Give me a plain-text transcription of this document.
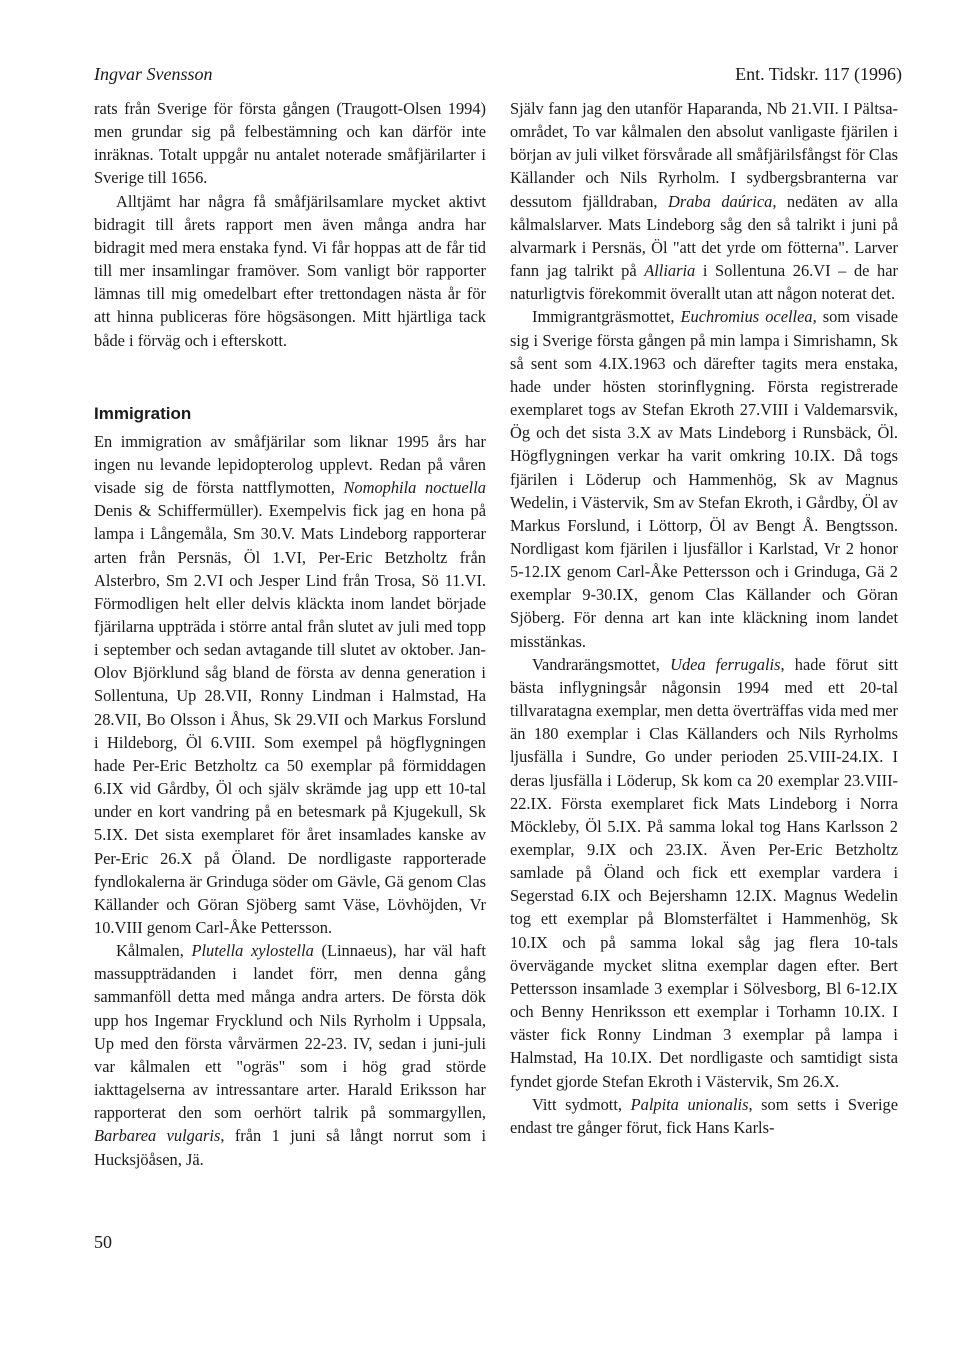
Ingvar Svensson	Ent. Tidskr. 117 (1996)

rats från Sverige för första gången (Traugott-Olsen 1994) men grundar sig på felbestämning och kan därför inte inräknas. Totalt uppgår nu antalet noterade småfjärilarter i Sverige till 1656.

Alltjämt har några få småfjärilsamlare mycket aktivt bidragit till årets rapport men även många andra har bidragit med mera enstaka fynd. Vi får hoppas att de får tid till mer insamlingar framöver. Som vanligt bör rapporter lämnas till mig omedelbart efter trettondagen nästa år för att hinna publiceras före högsäsongen. Mitt hjärtliga tack både i förväg och i efterskott.

Immigration

En immigration av småfjärilar som liknar 1995 års har ingen nu levande lepidopterolog upplevt. Redan på våren visade sig de första nattflymotten, Nomophila noctuella Denis & Schiffermüller). Exempelvis fick jag en hona på lampa i Långemåla, Sm 30.V. Mats Lindeborg rapporterar arten från Persnäs, Öl 1.VI, Per-Eric Betzholtz från Alsterbro, Sm 2.VI och Jesper Lind från Trosa, Sö 11.VI. Förmodligen helt eller delvis kläckta inom landet började fjärilarna uppträda i större antal från slutet av juli med topp i september och sedan avtagande till slutet av oktober. Jan-Olov Björklund såg bland de första av denna generation i Sollentuna, Up 28.VII, Ronny Lindman i Halmstad, Ha 28.VII, Bo Olsson i Åhus, Sk 29.VII och Markus Forslund i Hildeborg, Öl 6.VIII. Som exempel på högflygningen hade Per-Eric Betzholtz ca 50 exemplar på förmiddagen 6.IX vid Gårdby, Öl och själv skrämde jag upp ett 10-tal under en kort vandring på en betesmark på Kjugekull, Sk 5.IX. Det sista exemplaret för året insamlades kanske av Per-Eric 26.X på Öland. De nordligaste rapporterade fyndlokalerna är Grinduga söder om Gävle, Gä genom Clas Källander och Göran Sjöberg samt Väse, Lövhöjden, Vr 10.VIII genom Carl-Åke Pettersson.

Kålmalen, Plutella xylostella (Linnaeus), har väl haft massuppträdanden i landet förr, men denna gång sammanföll detta med många andra arters. De första dök upp hos Ingemar Frycklund och Nils Ryrholm i Uppsala, Up med den första vårvärmen 22-23. IV, sedan i juni-juli var kålmalen ett "ogräs" som i hög grad störde iakttagelserna av intressantare arter. Harald Eriksson har rapporterat den som oerhört talrik på sommargyllen, Barbarea vulgaris, från 1 juni så långt norrut som i Hucksjöåsen, Jä.

Själv fann jag den utanför Haparanda, Nb 21.VII. I Pältsa-området, To var kålmalen den absolut vanligaste fjärilen i början av juli vilket försvårade all småfjärilsfångst för Clas Källander och Nils Ryrholm. I sydbergsbranterna var dessutom fjälldraban, Draba daúrica, nedäten av alla kålmalslarver. Mats Lindeborg såg den så talrikt i juni på alvarmark i Persnäs, Öl "att det yrde om fötterna". Larver fann jag talrikt på Alliaria i Sollentuna 26.VI – de har naturligtvis förekommit överallt utan att någon noterat det.

Immigrantgräsmottet, Euchromius ocellea, som visade sig i Sverige första gången på min lampa i Simrishamn, Sk så sent som 4.IX.1963 och därefter tagits mera enstaka, hade under hösten storinflygning. Första registrerade exemplaret togs av Stefan Ekroth 27.VIII i Valdemarsvik, Ög och det sista 3.X av Mats Lindeborg i Runsbäck, Öl. Högflygningen verkar ha varit omkring 10.IX. Då togs fjärilen i Löderup och Hammenhög, Sk av Magnus Wedelin, i Västervik, Sm av Stefan Ekroth, i Gårdby, Öl av Markus Forslund, i Löttorp, Öl av Bengt Å. Bengtsson. Nordligast kom fjärilen i ljusfällor i Karlstad, Vr 2 honor 5-12.IX genom Carl-Åke Pettersson och i Grinduga, Gä 2 exemplar 9-30.IX, genom Clas Källander och Göran Sjöberg. För denna art kan inte kläckning inom landet misstänkas.

Vandrarängsmottet, Udea ferrugalis, hade förut sitt bästa inflygningsår någonsin 1994 med ett 20-tal tillvaratagna exemplar, men detta överträffas vida med mer än 180 exemplar i Clas Källanders och Nils Ryrholms ljusfälla i Sundre, Go under perioden 25.VIII-24.IX. I deras ljusfälla i Löderup, Sk kom ca 20 exemplar 23.VIII-22.IX. Första exemplaret fick Mats Lindeborg i Norra Möckleby, Öl 5.IX. På samma lokal tog Hans Karlsson 2 exemplar, 9.IX och 23.IX. Även Per-Eric Betzholtz samlade på Öland och fick ett exemplar vardera i Segerstad 6.IX och Bejershamn 12.IX. Magnus Wedelin tog ett exemplar på Blomsterfältet i Hammenhög, Sk 10.IX och på samma lokal såg jag flera 10-tals övervägande mycket slitna exemplar dagen efter. Bert Pettersson insamlade 3 exemplar i Sölvesborg, Bl 6-12.IX och Benny Henriksson ett exemplar i Torhamn 10.IX. I väster fick Ronny Lindman 3 exemplar på lampa i Halmstad, Ha 10.IX. Det nordligaste och samtidigt sista fyndet gjorde Stefan Ekroth i Västervik, Sm 26.X.

Vitt sydmott, Palpita unionalis, som setts i Sverige endast tre gånger förut, fick Hans Karls-

50
